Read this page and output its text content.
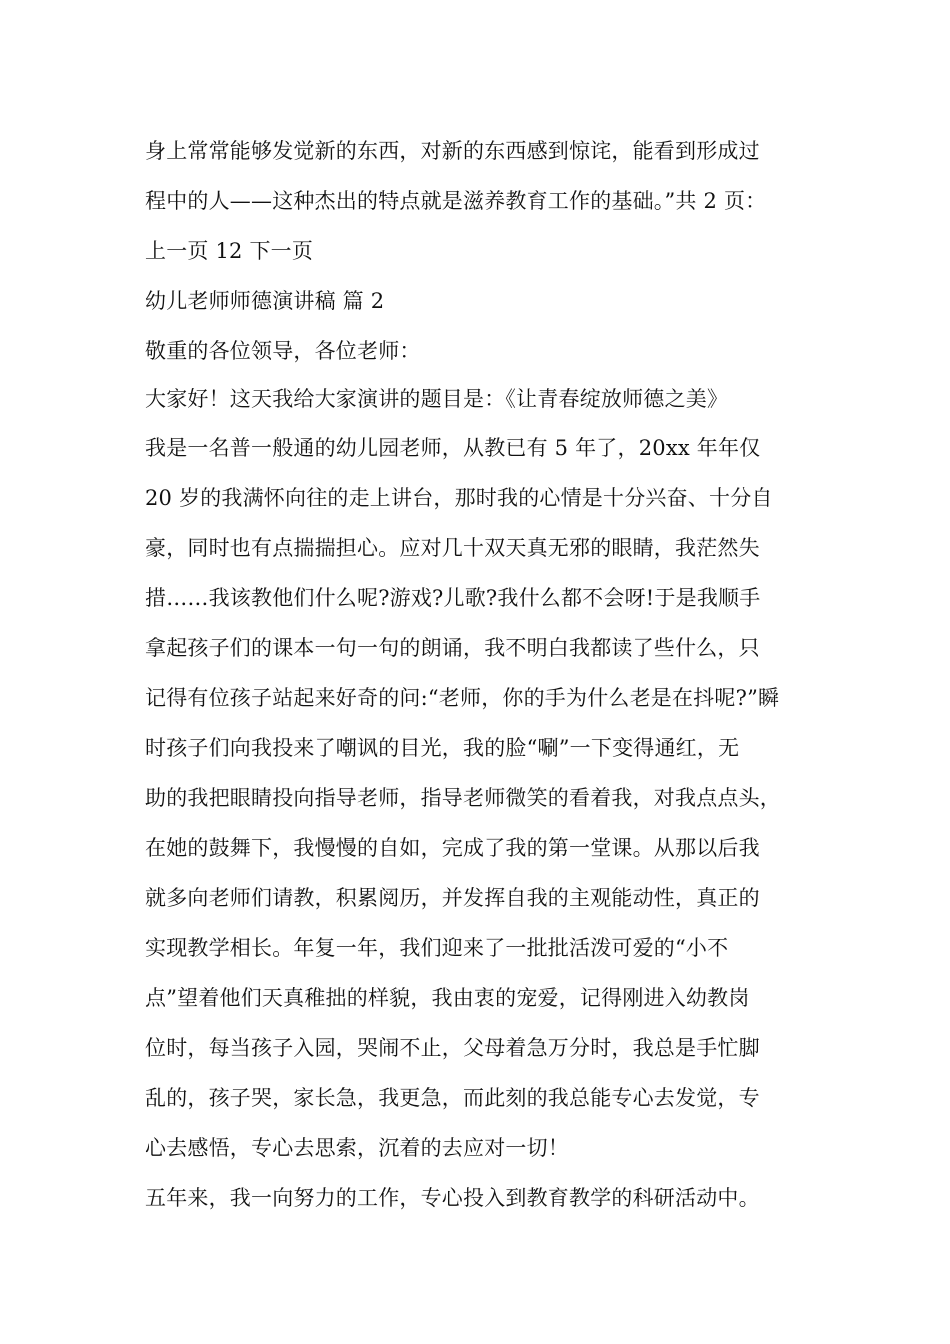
身上常常能够发觉新的东西，对新的东西感到惊诧，能看到形成过
程中的人——这种杰出的特点就是滋养教育工作的基础。”共 2 页：
上一页 12 下一页
幼儿老师师德演讲稿 篇 2
敬重的各位领导，各位老师：
大家好！这天我给大家演讲的题目是：《让青春绽放师德之美》
我是一名普一般通的幼儿园老师，从教已有 5 年了，20xx 年年仅
20 岁的我满怀向往的走上讲台，那时我的心情是十分兴奋、十分自
豪，同时也有点揣揣担心。应对几十双天真无邪的眼睛，我茫然失
措……我该教他们什么呢?游戏?儿歌?我什么都不会呀!于是我顺手
拿起孩子们的课本一句一句的朗诵，我不明白我都读了些什么，只
记得有位孩子站起来好奇的问:“老师，你的手为什么老是在抖呢?”瞬
时孩子们向我投来了嘲讽的目光，我的脸“唰”一下变得通红，无
助的我把眼睛投向指导老师，指导老师微笑的看着我，对我点点头，
在她的鼓舞下，我慢慢的自如，完成了我的第一堂课。从那以后我
就多向老师们请教，积累阅历，并发挥自我的主观能动性，真正的
实现教学相长。年复一年，我们迎来了一批批活泼可爱的“小不
点”望着他们天真稚拙的样貌，我由衷的宠爱，记得刚进入幼教岗
位时，每当孩子入园，哭闹不止，父母着急万分时，我总是手忙脚
乱的，孩子哭，家长急，我更急，而此刻的我总能专心去发觉，专
心去感悟，专心去思索，沉着的去应对一切！
五年来，我一向努力的工作，专心投入到教育教学的科研活动中。
